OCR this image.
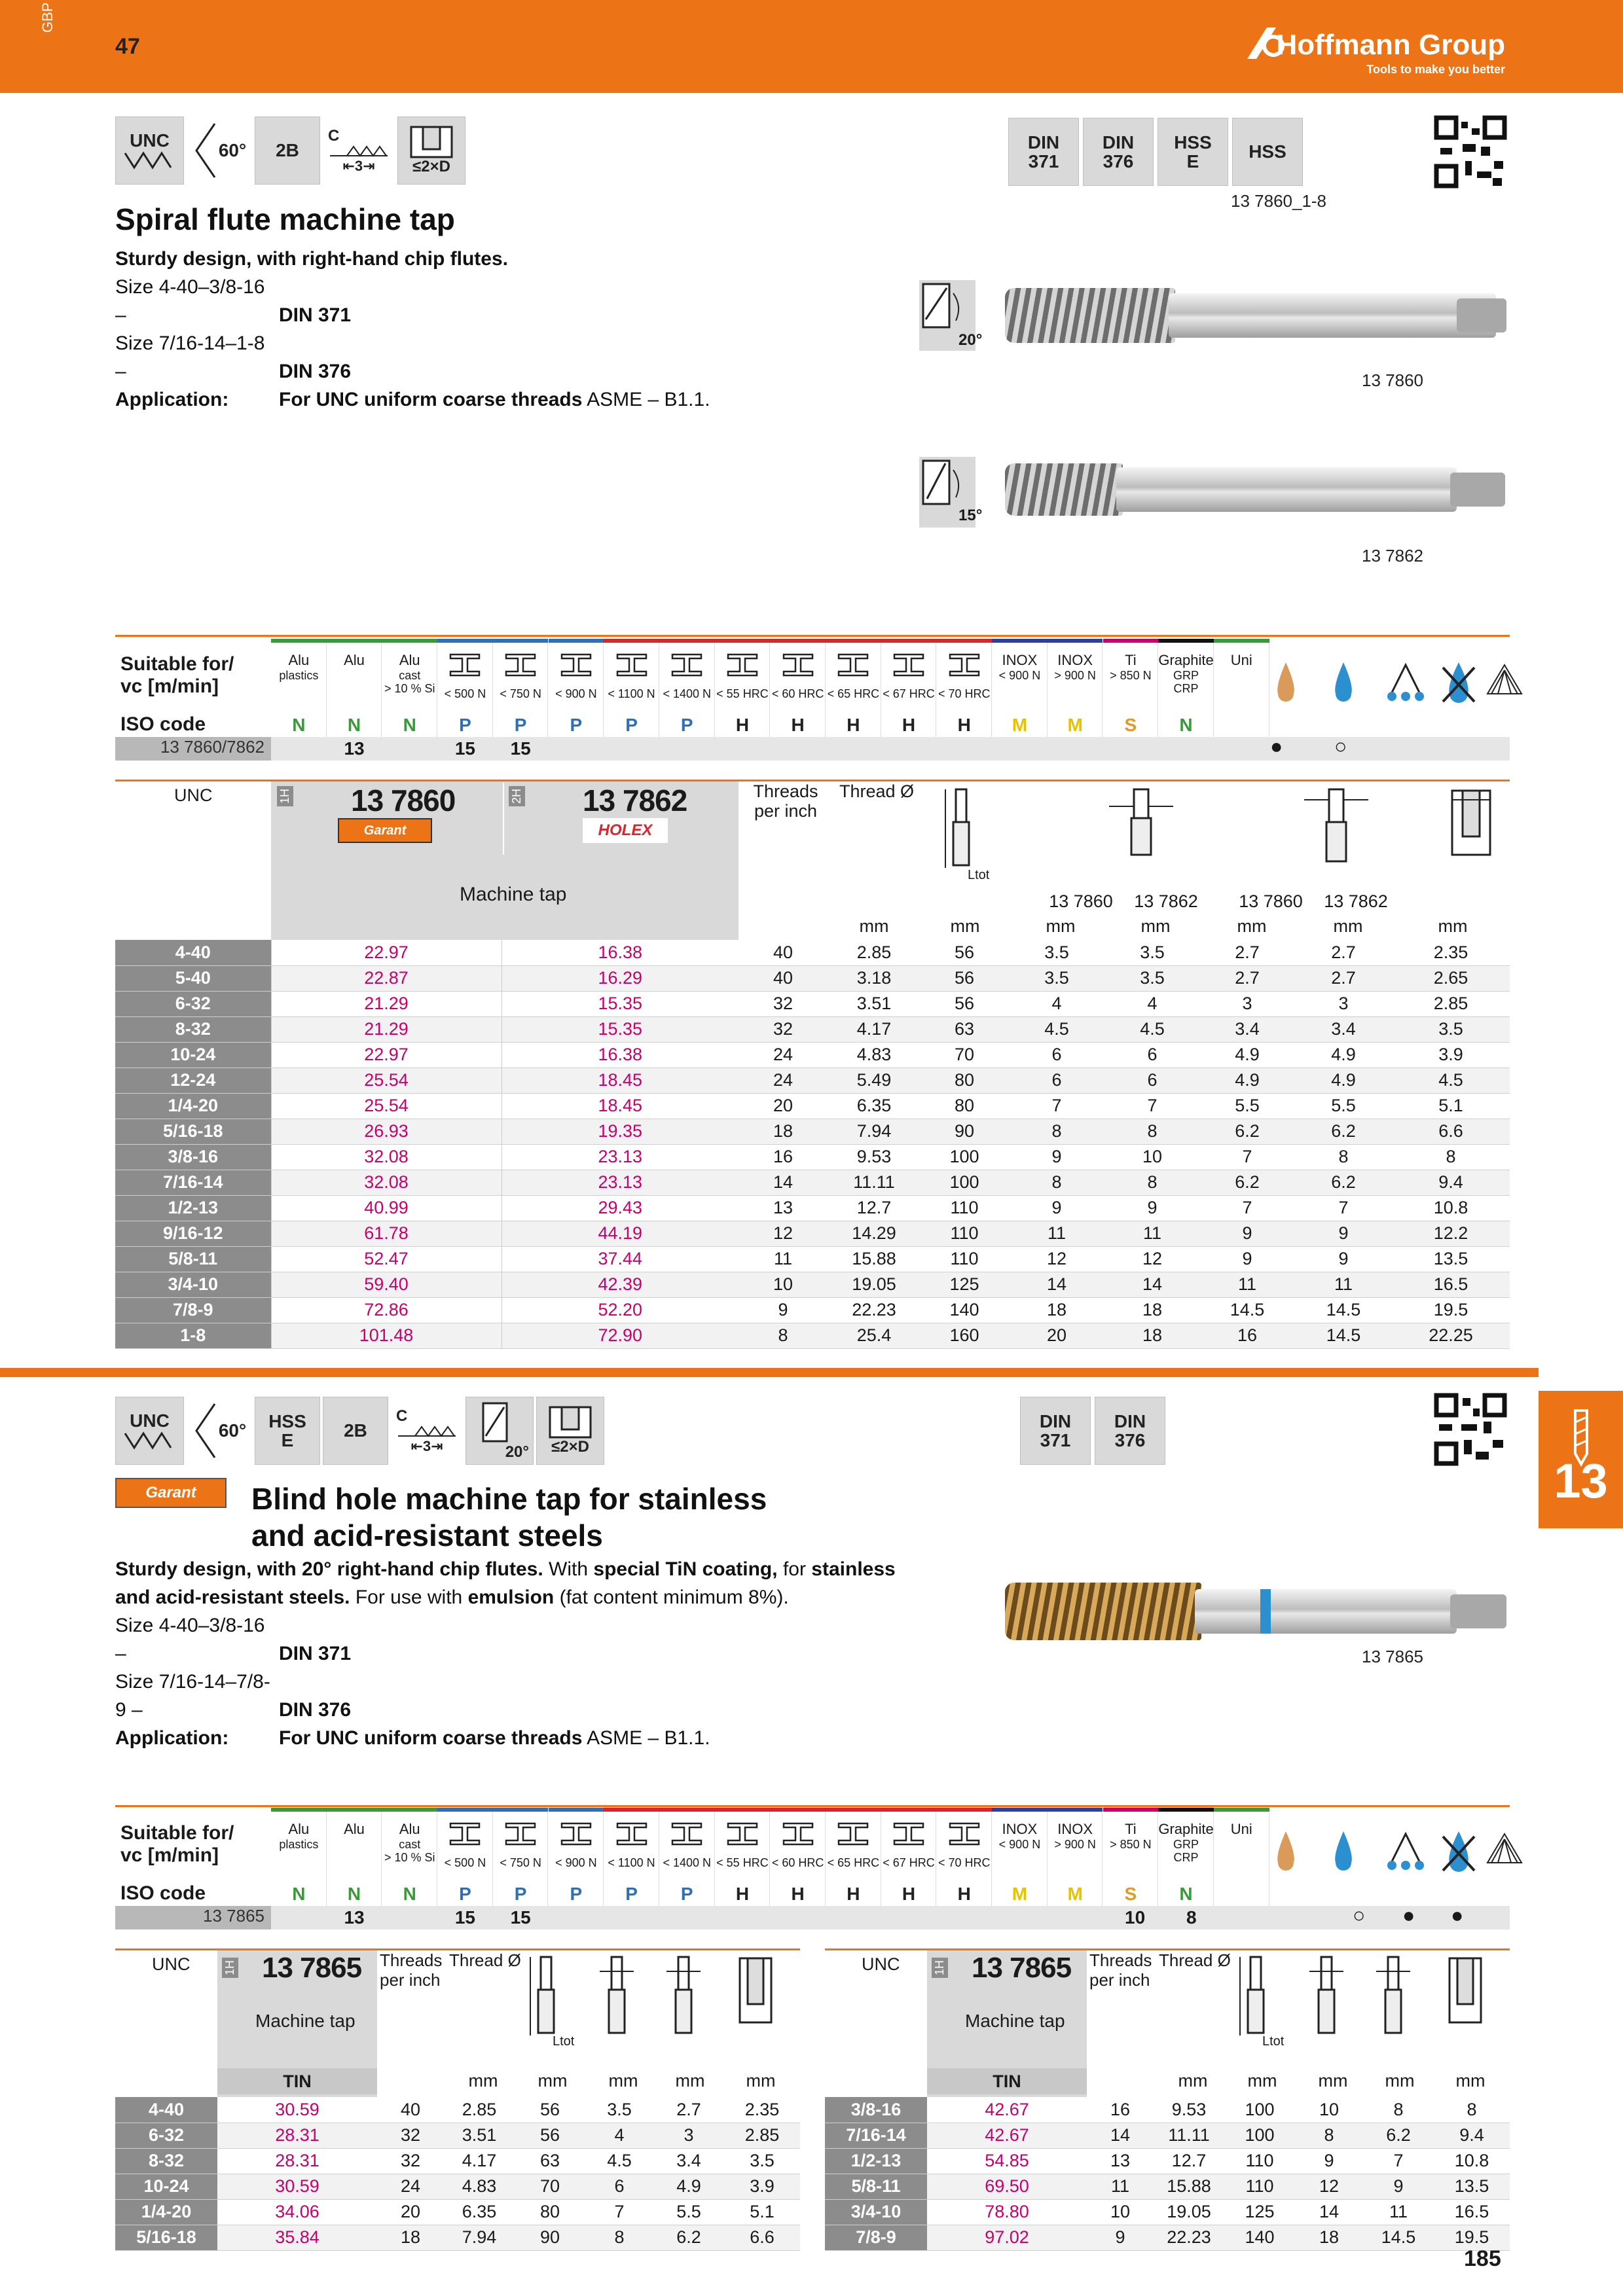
GBP
47	Hoffmann Group
Tools to make you better
UNC	60°	2B
C
⇤3⇥ ≤2×D
DIN
371
DIN
376
HSS
E	HSS
13 7860_1-8
Spiral flute machine tap
Sturdy design, with right-hand chip flutes.
Size 4-40–3/8-16 –	DIN 371
Size 7/16-14–1-8 –	DIN 376
Application:	For UNC uniform coarse threads ASME – B1.1.
20°
13 7860
15°
13 7862
Suitable for/
vc [m/min]
ISO code
Alu
plastics
N
Alu
N
Alu
cast
> 10 % Si
N
< 500 N
P
< 750 N
P
< 900 N
P
< 1100 N
P
< 1400 N
P
< 55 HRC
H
< 60 HRC
H
< 65 HRC
H
< 67 HRC
H
< 70 HRC
H
INOX
< 900 N
M
INOX
> 900 N
M
Ti
> 850 N
S
Graphite
GRP
CRP
N
Uni
13 7860/7862	13	15	15	● ○
UNC	1H 13 7860	2H 13 7862
Garant	HOLEX
Machine tap
Threads per inch
Thread Ø
Ltot
13 7860 13 7862 13 7860 13 7862
mm	mm	mm	mm	mm	mm	mm
4-40	22.97	16.38	40	2.85	56	3.5	3.5	2.7	2.7	2.35
5-40	22.87	16.29	40	3.18	56	3.5	3.5	2.7	2.7	2.65
6-32	21.29	15.35	32	3.51	56	4	4	3	3	2.85
8-32	21.29	15.35	32	4.17	63	4.5	4.5	3.4	3.4	3.5
10-24	22.97	16.38	24	4.83	70	6	6	4.9	4.9	3.9
12-24	25.54	18.45	24	5.49	80	6	6	4.9	4.9	4.5
1/4-20	25.54	18.45	20	6.35	80	7	7	5.5	5.5	5.1
5/16-18	26.93	19.35	18	7.94	90	8	8	6.2	6.2	6.6
3/8-16	32.08	23.13	16	9.53	100	9	10	7	8	8
7/16-14	32.08	23.13	14	11.11	100	8	8	6.2	6.2	9.4
1/2-13	40.99	29.43	13	12.7	110	9	9	7	7	10.8
9/16-12	61.78	44.19	12	14.29	110	11	11	9	9	12.2
5/8-11	52.47	37.44	11	15.88	110	12	12	9	9	13.5
3/4-10	59.40	42.39	10	19.05	125	14	14	11	11	16.5
7/8-9	72.86	52.20	9	22.23	140	18	18	14.5	14.5	19.5
1-8	101.48	72.90	8	25.4	160	20	18	16	14.5	22.25
13
UNC	60°	HSS
E	2B
C
⇤3⇥	20° ≤2×D
DIN
371
DIN
376
Garant	Blind hole machine tap for stainless
and acid-resistant steels
Sturdy design, with 20° right-hand chip flutes. With special TiN coating, for stainless and acid-resistant steels. For use with emulsion (fat content minimum 8%).
Size 4-40–3/8-16 –	DIN 371
Size 7/16-14–7/8-9 –	DIN 376
Application:	For UNC uniform coarse threads ASME – B1.1.
13 7865
Suitable for/
vc [m/min]
ISO code
Alu
plastics
N
Alu
N
Alu
cast
> 10 % Si
N
< 500 N
P
< 750 N
P
< 900 N
P
< 1100 N
P
< 1400 N
P
< 55 HRC
H
< 60 HRC
H
< 65 HRC
H
< 67 HRC
H
< 70 HRC
H
INOX
< 900 N
M
INOX
> 900 N
M
Ti
> 850 N
S
Graphite
GRP
CRP
N
Uni
13 7865	13	15	15	10 8	○ ● ●
UNC	1H 13 7865
Machine tap
TIN
Threads per inch
Thread Ø
Ltot
mm	mm	mm	mm	mm
UNC	1H 13 7865
Machine tap
TIN
Threads per inch
Thread Ø
Ltot
mm	mm	mm	mm	mm
4-40	30.59	40	2.85	56	3.5	2.7	2.35
6-32	28.31	32	3.51	56	4	3	2.85
8-32	28.31	32	4.17	63	4.5	3.4	3.5
10-24	30.59	24	4.83	70	6	4.9	3.9
1/4-20	34.06	20	6.35	80	7	5.5	5.1
5/16-18	35.84	18	7.94	90	8	6.2	6.6
3/8-16	42.67	16	9.53	100	10	8	8
7/16-14	42.67	14	11.11	100	8	6.2	9.4
1/2-13	54.85	13	12.7	110	9	7	10.8
5/8-11	69.50	11	15.88	110	12	9	13.5
3/4-10	78.80	10	19.05	125	14	11	16.5
7/8-9	97.02	9	22.23	140	18	14.5	19.5
185
